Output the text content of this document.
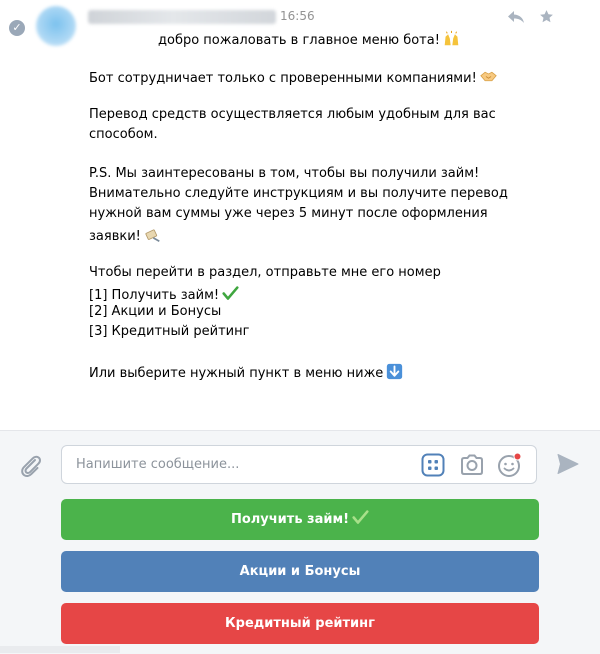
✓
16:56
добро пожаловать в главное меню бота!
Бот сотрудничает только с проверенными компаниями!
Перевод средств осуществляется любым удобным для вас
способом.
P.S. Мы заинтересованы в том, чтобы вы получили займ!
Внимательно следуйте инструкциям и вы получите перевод
нужной вам суммы уже через 5 минут после оформления
заявки!
Чтобы перейти в раздел, отправьте мне его номер
[1] Получить займ!
[2] Акции и Бонусы
[3] Кредитный рейтинг
Или выберите нужный пункт в меню ниже
Напишите сообщение...
Получить займ!
Акции и Бонусы
Кредитный рейтинг
